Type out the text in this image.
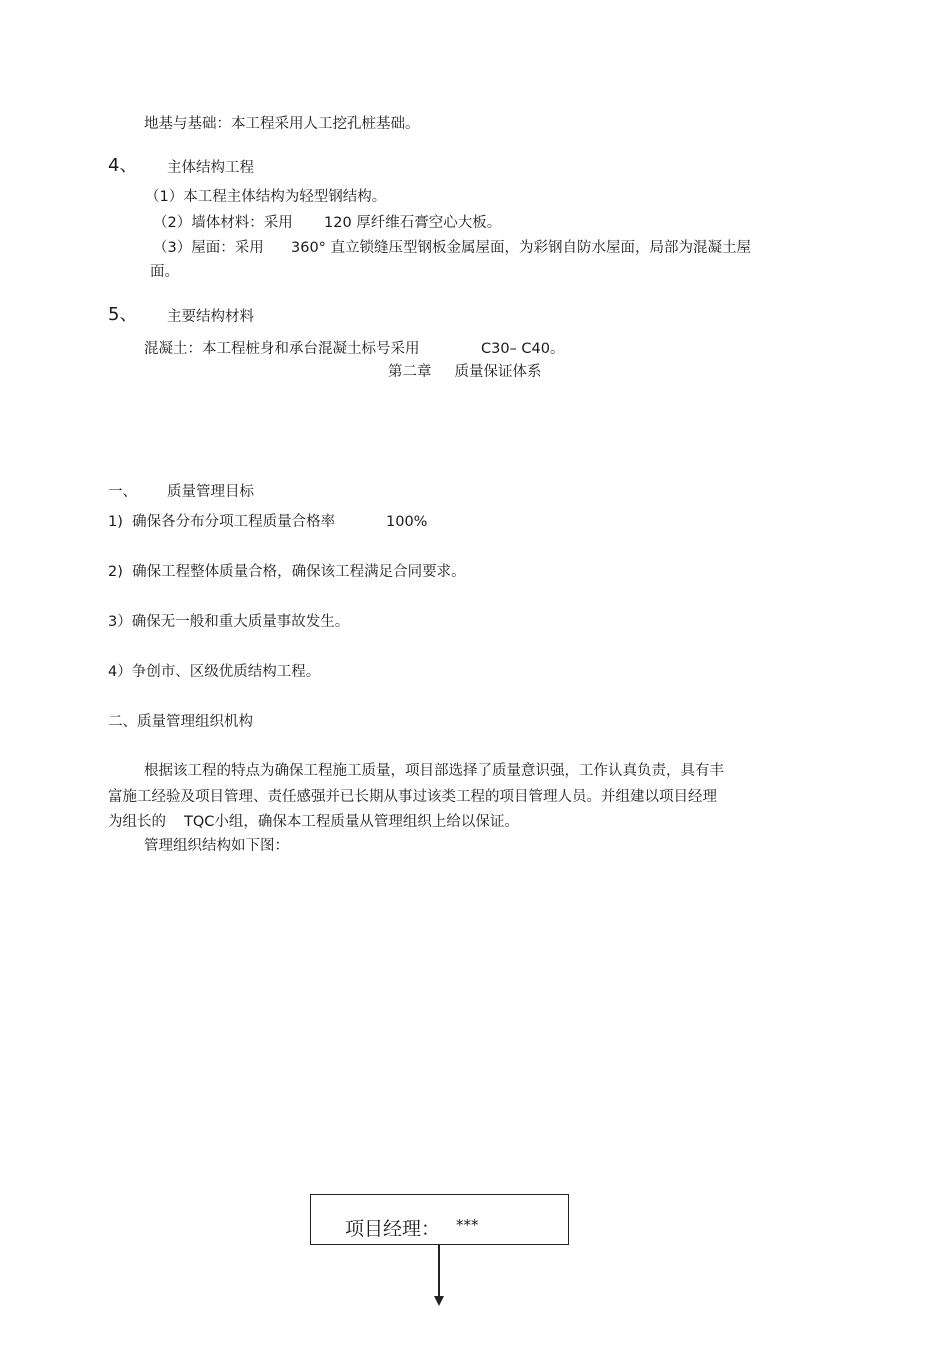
地基与基础：本工程采用人工挖孔桩基础。
4、 主体结构工程
（1）本工程主体结构为轻型钢结构。
（2）墙体材料：采用 120 厚纤维石膏空心大板。
（3）屋面：采用 360° 直立锁缝压型钢板金属屋面，为彩钢自防水屋面，局部为混凝土屋
面。
5、 主要结构材料
混凝土：本工程桩身和承台混凝土标号采用	C30– C40。
第二章     质量保证体系
一、 质量管理目标
1)  确保各分布分项工程质量合格率	100%
2)  确保工程整体质量合格，确保该工程满足合同要求。
3）确保无一般和重大质量事故发生。
4）争创市、区级优质结构工程。
二、质量管理组织机构
根据该工程的特点为确保工程施工质量，项目部选择了质量意识强，工作认真负责，具有丰
富施工经验及项目管理、责任感强并已长期从事过该类工程的项目管理人员。并组建以项目经理
为组长的 TQC小组，确保本工程质量从管理组织上给以保证。
管理组织结构如下图：
项目经理： ***
